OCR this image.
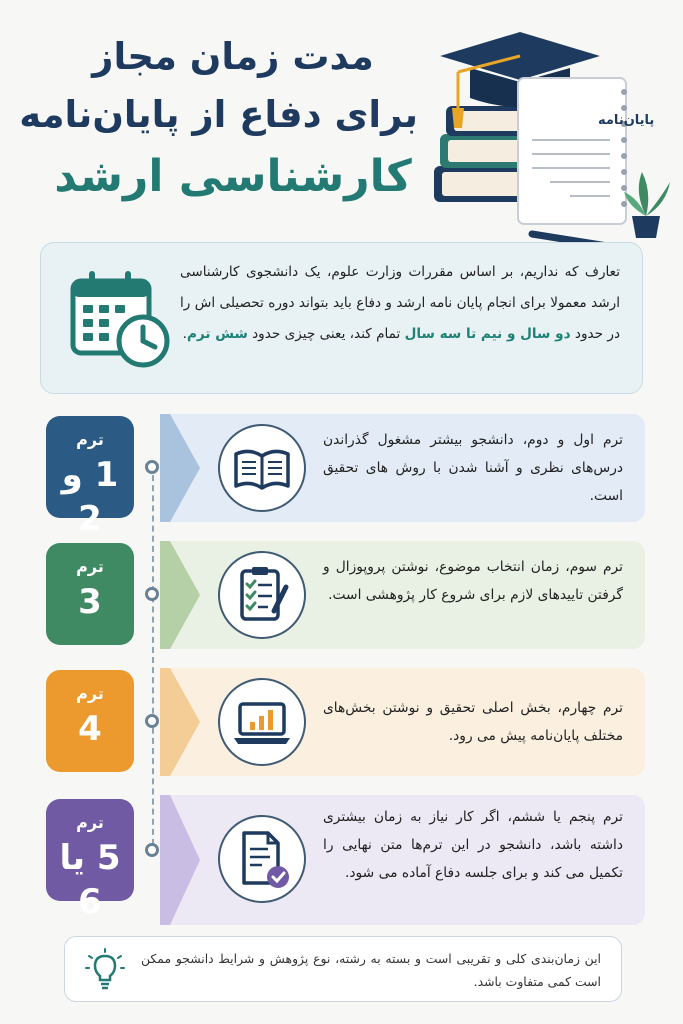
مدت زمان مجاز
برای دفاع از پایان‌نامه
کارشناسی ارشد
پایان‌نامه

تعارف که نداریم، بر اساس مقررات وزارت علوم، یک دانشجوی کارشناسی ارشد معمولا برای انجام پایان نامه ارشد و دفاع باید بتواند دوره تحصیلی اش را در حدود دو سال و نیم تا سه سال تمام کند، یعنی چیزی حدود شش ترم.

ترم
1 و 2

ترم اول و دوم، دانشجو بیشتر مشغول گذراندن درس‌های نظری و آشنا شدن با روش های تحقیق است.

ترم
3

ترم سوم، زمان انتخاب موضوع، نوشتن پروپوزال و گرفتن تاییدهای لازم برای شروع کار پژوهشی است.

ترم
4

ترم چهارم، بخش اصلی تحقیق و نوشتن بخش‌های مختلف پایان‌نامه پیش می رود.

ترم
5 یا 6

ترم پنجم یا ششم، اگر کار نیاز به زمان بیشتری داشته باشد، دانشجو در این ترم‌ها متن نهایی را تکمیل می کند و برای جلسه دفاع آماده می شود.

این زمان‌بندی کلی و تقریبی است و بسته به رشته، نوع پژوهش و شرایط دانشجو ممکن است کمی متفاوت باشد.
